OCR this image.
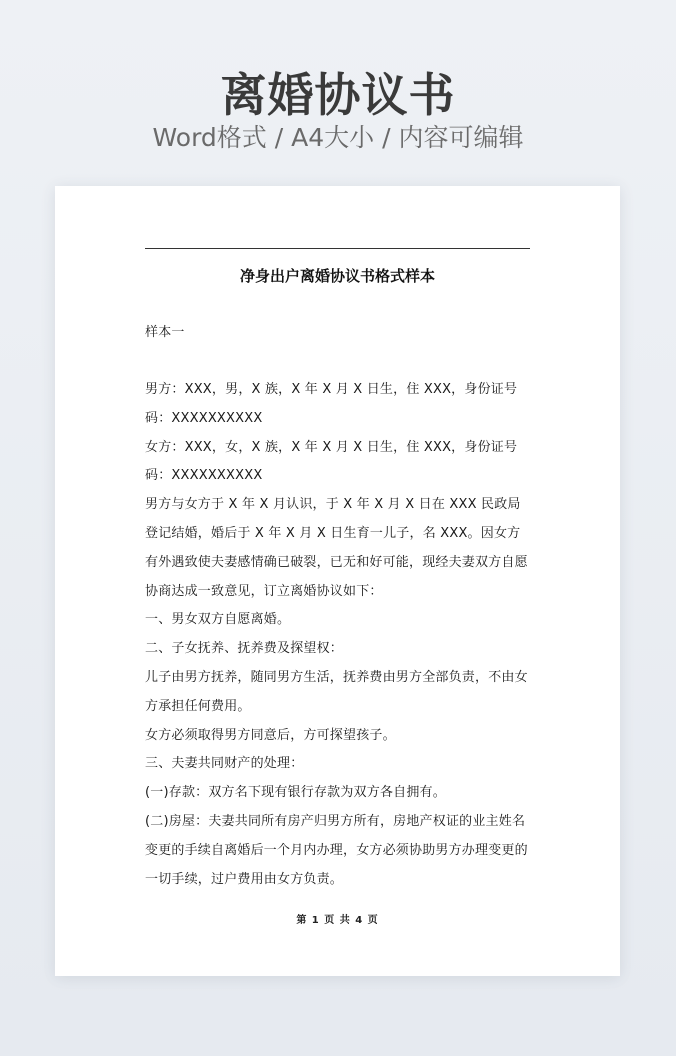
离婚协议书
Word格式 / A4大小 / 内容可编辑
净身出户离婚协议书格式样本
样本一

男方：XXX，男，X 族，X 年 X 月 X 日生，住 XXX，身份证号码：XXXXXXXXXX

女方：XXX，女，X 族，X 年 X 月 X 日生，住 XXX，身份证号码：XXXXXXXXXX

男方与女方于 X 年 X 月认识，于 X 年 X 月 X 日在 XXX 民政局登记结婚，婚后于 X 年 X 月 X 日生育一儿子，名 XXX。因女方有外遇致使夫妻感情确已破裂，已无和好可能，现经夫妻双方自愿协商达成一致意见，订立离婚协议如下：

一、男女双方自愿离婚。

二、子女抚养、抚养费及探望权：

儿子由男方抚养，随同男方生活，抚养费由男方全部负责，不由女方承担任何费用。

女方必须取得男方同意后，方可探望孩子。

三、夫妻共同财产的处理：

(一)存款：双方名下现有银行存款为双方各自拥有。

(二)房屋：夫妻共同所有房产归男方所有，房地产权证的业主姓名变更的手续自离婚后一个月内办理，女方必须协助男方办理变更的一切手续，过户费用由女方负责。

第 1 页 共 4 页
